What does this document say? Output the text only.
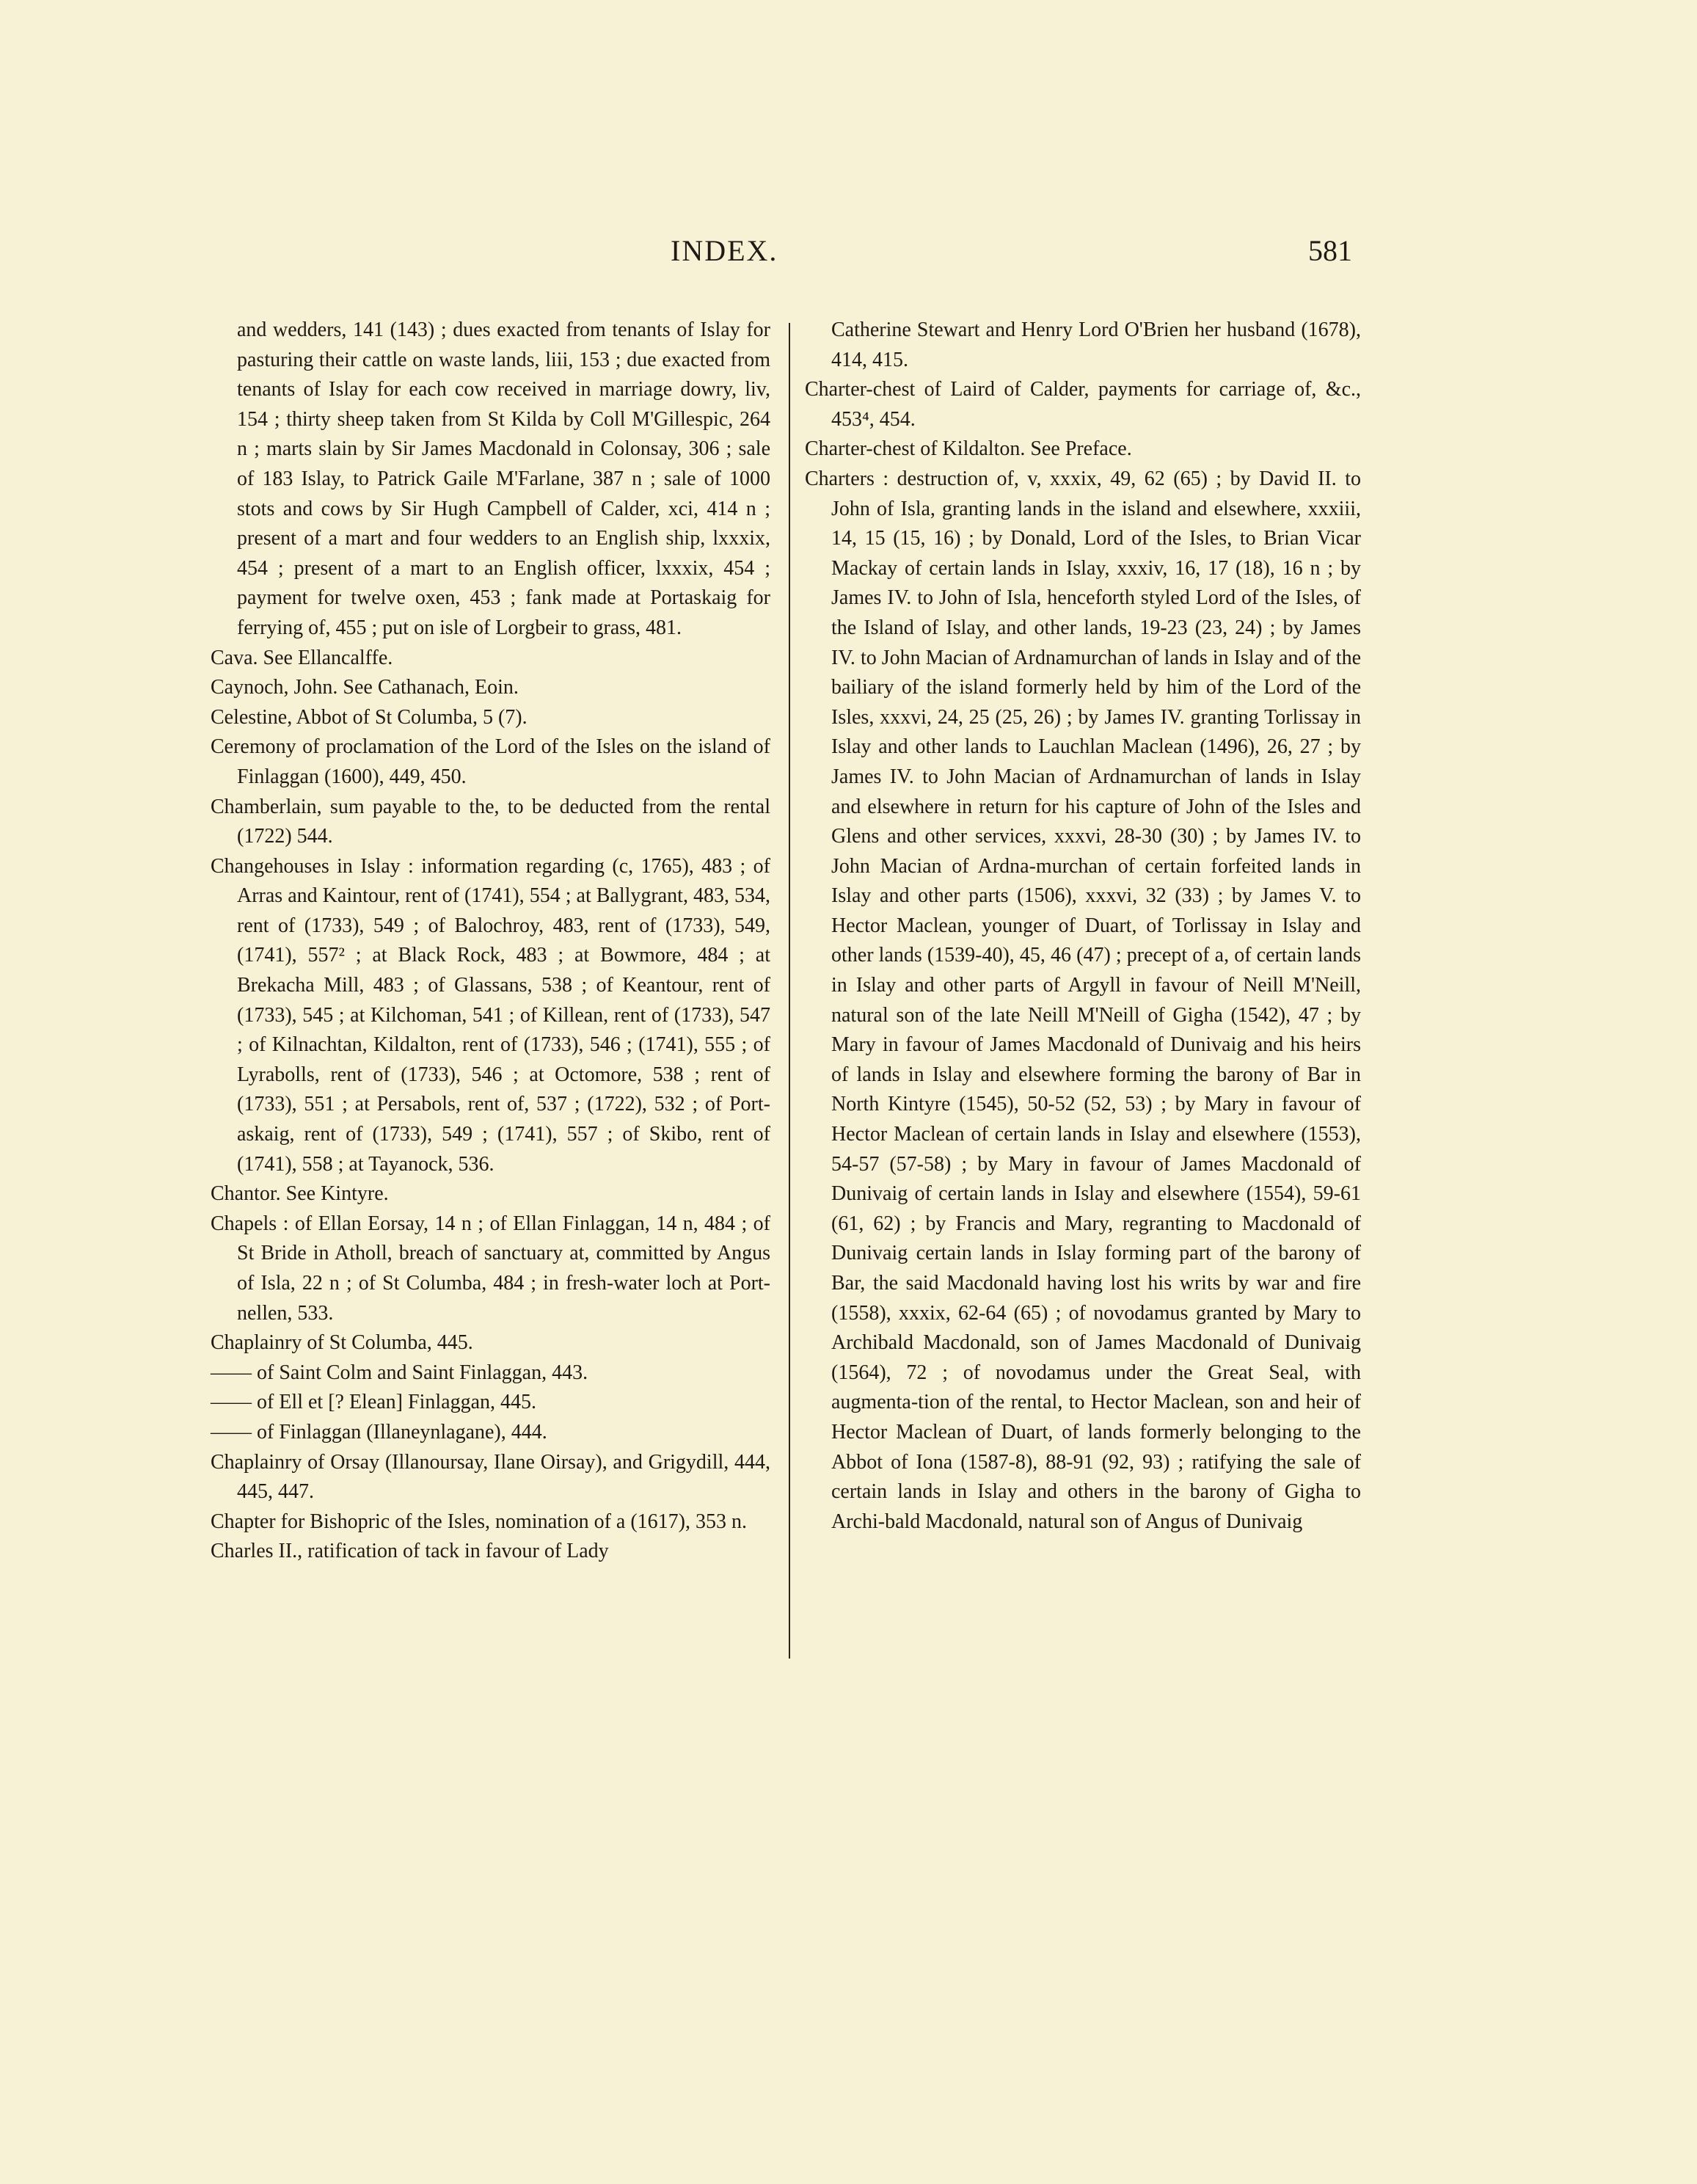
INDEX.	581

and wedders, 141 (143) ; dues exacted from tenants of Islay for pasturing their cattle on waste lands, liii, 153 ; due exacted from tenants of Islay for each cow received in marriage dowry, liv, 154 ; thirty sheep taken from St Kilda by Coll M'Gillespic, 264 n ; marts slain by Sir James Macdonald in Colonsay, 306 ; sale of 183 Islay, to Patrick Gaile M'Farlane, 387 n ; sale of 1000 stots and cows by Sir Hugh Campbell of Calder, xci, 414 n ; present of a mart and four wedders to an English ship, lxxxix, 454 ; present of a mart to an English officer, lxxxix, 454 ; payment for twelve oxen, 453 ; fank made at Portaskaig for ferrying of, 455 ; put on isle of Lorgbeir to grass, 481.

Cava. See Ellancalffe.

Caynoch, John. See Cathanach, Eoin.

Celestine, Abbot of St Columba, 5 (7).

Ceremony of proclamation of the Lord of the Isles on the island of Finlaggan (1600), 449, 450.

Chamberlain, sum payable to the, to be deducted from the rental (1722) 544.

Changehouses in Islay : information regarding (c, 1765), 483 ; of Arras and Kaintour, rent of (1741), 554 ; at Ballygrant, 483, 534, rent of (1733), 549 ; of Balochroy, 483, rent of (1733), 549, (1741), 557² ; at Black Rock, 483 ; at Bowmore, 484 ; at Brekacha Mill, 483 ; of Glassans, 538 ; of Keantour, rent of (1733), 545 ; at Kilchoman, 541 ; of Killean, rent of (1733), 547 ; of Kilnachtan, Kildalton, rent of (1733), 546 ; (1741), 555 ; of Lyrabolls, rent of (1733), 546 ; at Octomore, 538 ; rent of (1733), 551 ; at Persabols, rent of, 537 ; (1722), 532 ; of Port-askaig, rent of (1733), 549 ; (1741), 557 ; of Skibo, rent of (1741), 558 ; at Tayanock, 536.

Chantor. See Kintyre.

Chapels : of Ellan Eorsay, 14 n ; of Ellan Finlaggan, 14 n, 484 ; of St Bride in Atholl, breach of sanctuary at, committed by Angus of Isla, 22 n ; of St Columba, 484 ; in fresh-water loch at Port-nellen, 533.

Chaplainry of St Columba, 445.

—— of Saint Colm and Saint Finlaggan, 443.

—— of Ell et [? Elean] Finlaggan, 445.

—— of Finlaggan (Illaneynlagane), 444.

Chaplainry of Orsay (Illanoursay, Ilane Oirsay), and Grigydill, 444, 445, 447.

Chapter for Bishopric of the Isles, nomination of a (1617), 353 n.

Charles II., ratification of tack in favour of Lady

Catherine Stewart and Henry Lord O'Brien her husband (1678), 414, 415.

Charter-chest of Laird of Calder, payments for carriage of, &c., 453⁴, 454.

Charter-chest of Kildalton. See Preface.

Charters : destruction of, v, xxxix, 49, 62 (65) ; by David II. to John of Isla, granting lands in the island and elsewhere, xxxiii, 14, 15 (15, 16) ; by Donald, Lord of the Isles, to Brian Vicar Mackay of certain lands in Islay, xxxiv, 16, 17 (18), 16 n ; by James IV. to John of Isla, henceforth styled Lord of the Isles, of the Island of Islay, and other lands, 19-23 (23, 24) ; by James IV. to John Macian of Ardnamurchan of lands in Islay and of the bailiary of the island formerly held by him of the Lord of the Isles, xxxvi, 24, 25 (25, 26) ; by James IV. granting Torlissay in Islay and other lands to Lauchlan Maclean (1496), 26, 27 ; by James IV. to John Macian of Ardnamurchan of lands in Islay and elsewhere in return for his capture of John of the Isles and Glens and other services, xxxvi, 28-30 (30) ; by James IV. to John Macian of Ardna-murchan of certain forfeited lands in Islay and other parts (1506), xxxvi, 32 (33) ; by James V. to Hector Maclean, younger of Duart, of Torlissay in Islay and other lands (1539-40), 45, 46 (47) ; precept of a, of certain lands in Islay and other parts of Argyll in favour of Neill M'Neill, natural son of the late Neill M'Neill of Gigha (1542), 47 ; by Mary in favour of James Macdonald of Dunivaig and his heirs of lands in Islay and elsewhere forming the barony of Bar in North Kintyre (1545), 50-52 (52, 53) ; by Mary in favour of Hector Maclean of certain lands in Islay and elsewhere (1553), 54-57 (57-58) ; by Mary in favour of James Macdonald of Dunivaig of certain lands in Islay and elsewhere (1554), 59-61 (61, 62) ; by Francis and Mary, regranting to Macdonald of Dunivaig certain lands in Islay forming part of the barony of Bar, the said Macdonald having lost his writs by war and fire (1558), xxxix, 62-64 (65) ; of novodamus granted by Mary to Archibald Macdonald, son of James Macdonald of Dunivaig (1564), 72 ; of novodamus under the Great Seal, with augmenta-tion of the rental, to Hector Maclean, son and heir of Hector Maclean of Duart, of lands formerly belonging to the Abbot of Iona (1587-8), 88-91 (92, 93) ; ratifying the sale of certain lands in Islay and others in the barony of Gigha to Archi-bald Macdonald, natural son of Angus of Dunivaig
